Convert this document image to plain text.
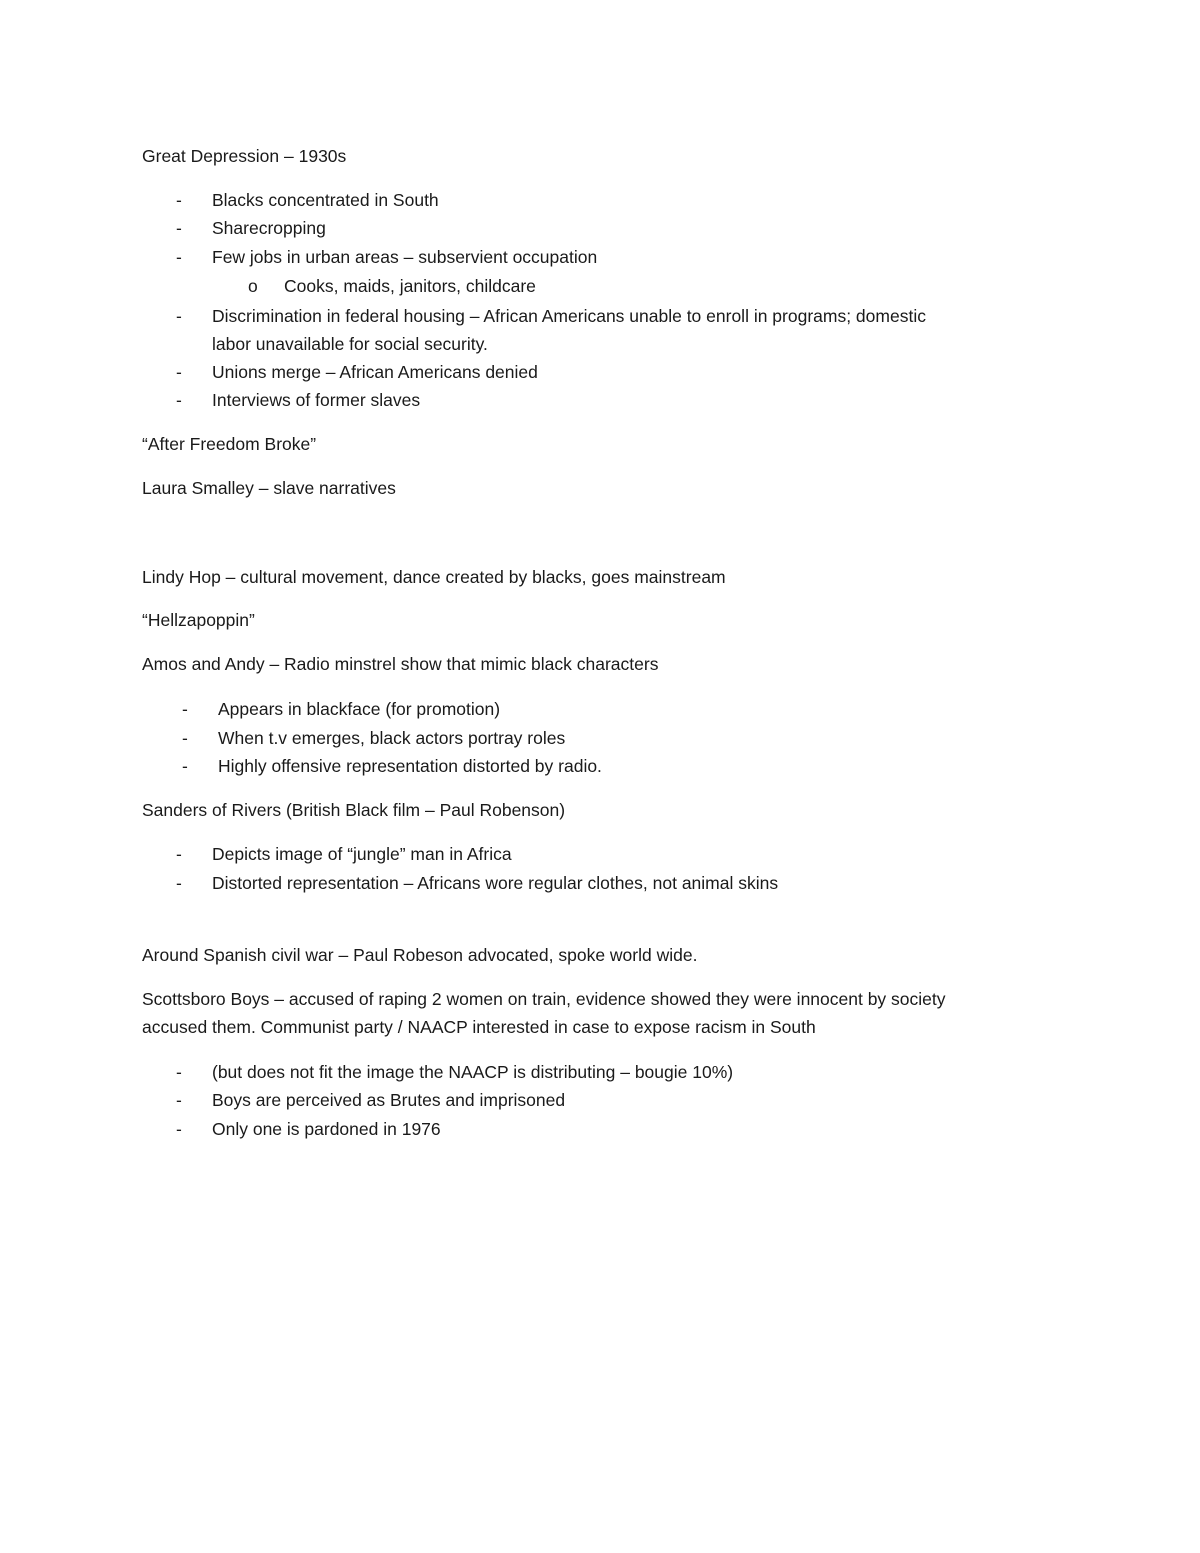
Great Depression – 1930s
- Blacks concentrated in South
- Sharecropping
- Few jobs in urban areas – subservient occupation
o Cooks, maids, janitors, childcare
- Discrimination in federal housing – African Americans unable to enroll in programs; domestic
labor unavailable for social security.
- Unions merge – African Americans denied
- Interviews of former slaves
“After Freedom Broke”
Laura Smalley – slave narratives
Lindy Hop – cultural movement, dance created by blacks, goes mainstream
“Hellzapoppin”
Amos and Andy – Radio minstrel show that mimic black characters
- Appears in blackface (for promotion)
- When t.v emerges, black actors portray roles
- Highly offensive representation distorted by radio.
Sanders of Rivers (British Black film – Paul Robenson)
- Depicts image of “jungle” man in Africa
- Distorted representation – Africans wore regular clothes, not animal skins
Around Spanish civil war – Paul Robeson advocated, spoke world wide.
Scottsboro Boys – accused of raping 2 women on train, evidence showed they were innocent by society
accused them. Communist party / NAACP interested in case to expose racism in South
- (but does not fit the image the NAACP is distributing – bougie 10%)
- Boys are perceived as Brutes and imprisoned
- Only one is pardoned in 1976
